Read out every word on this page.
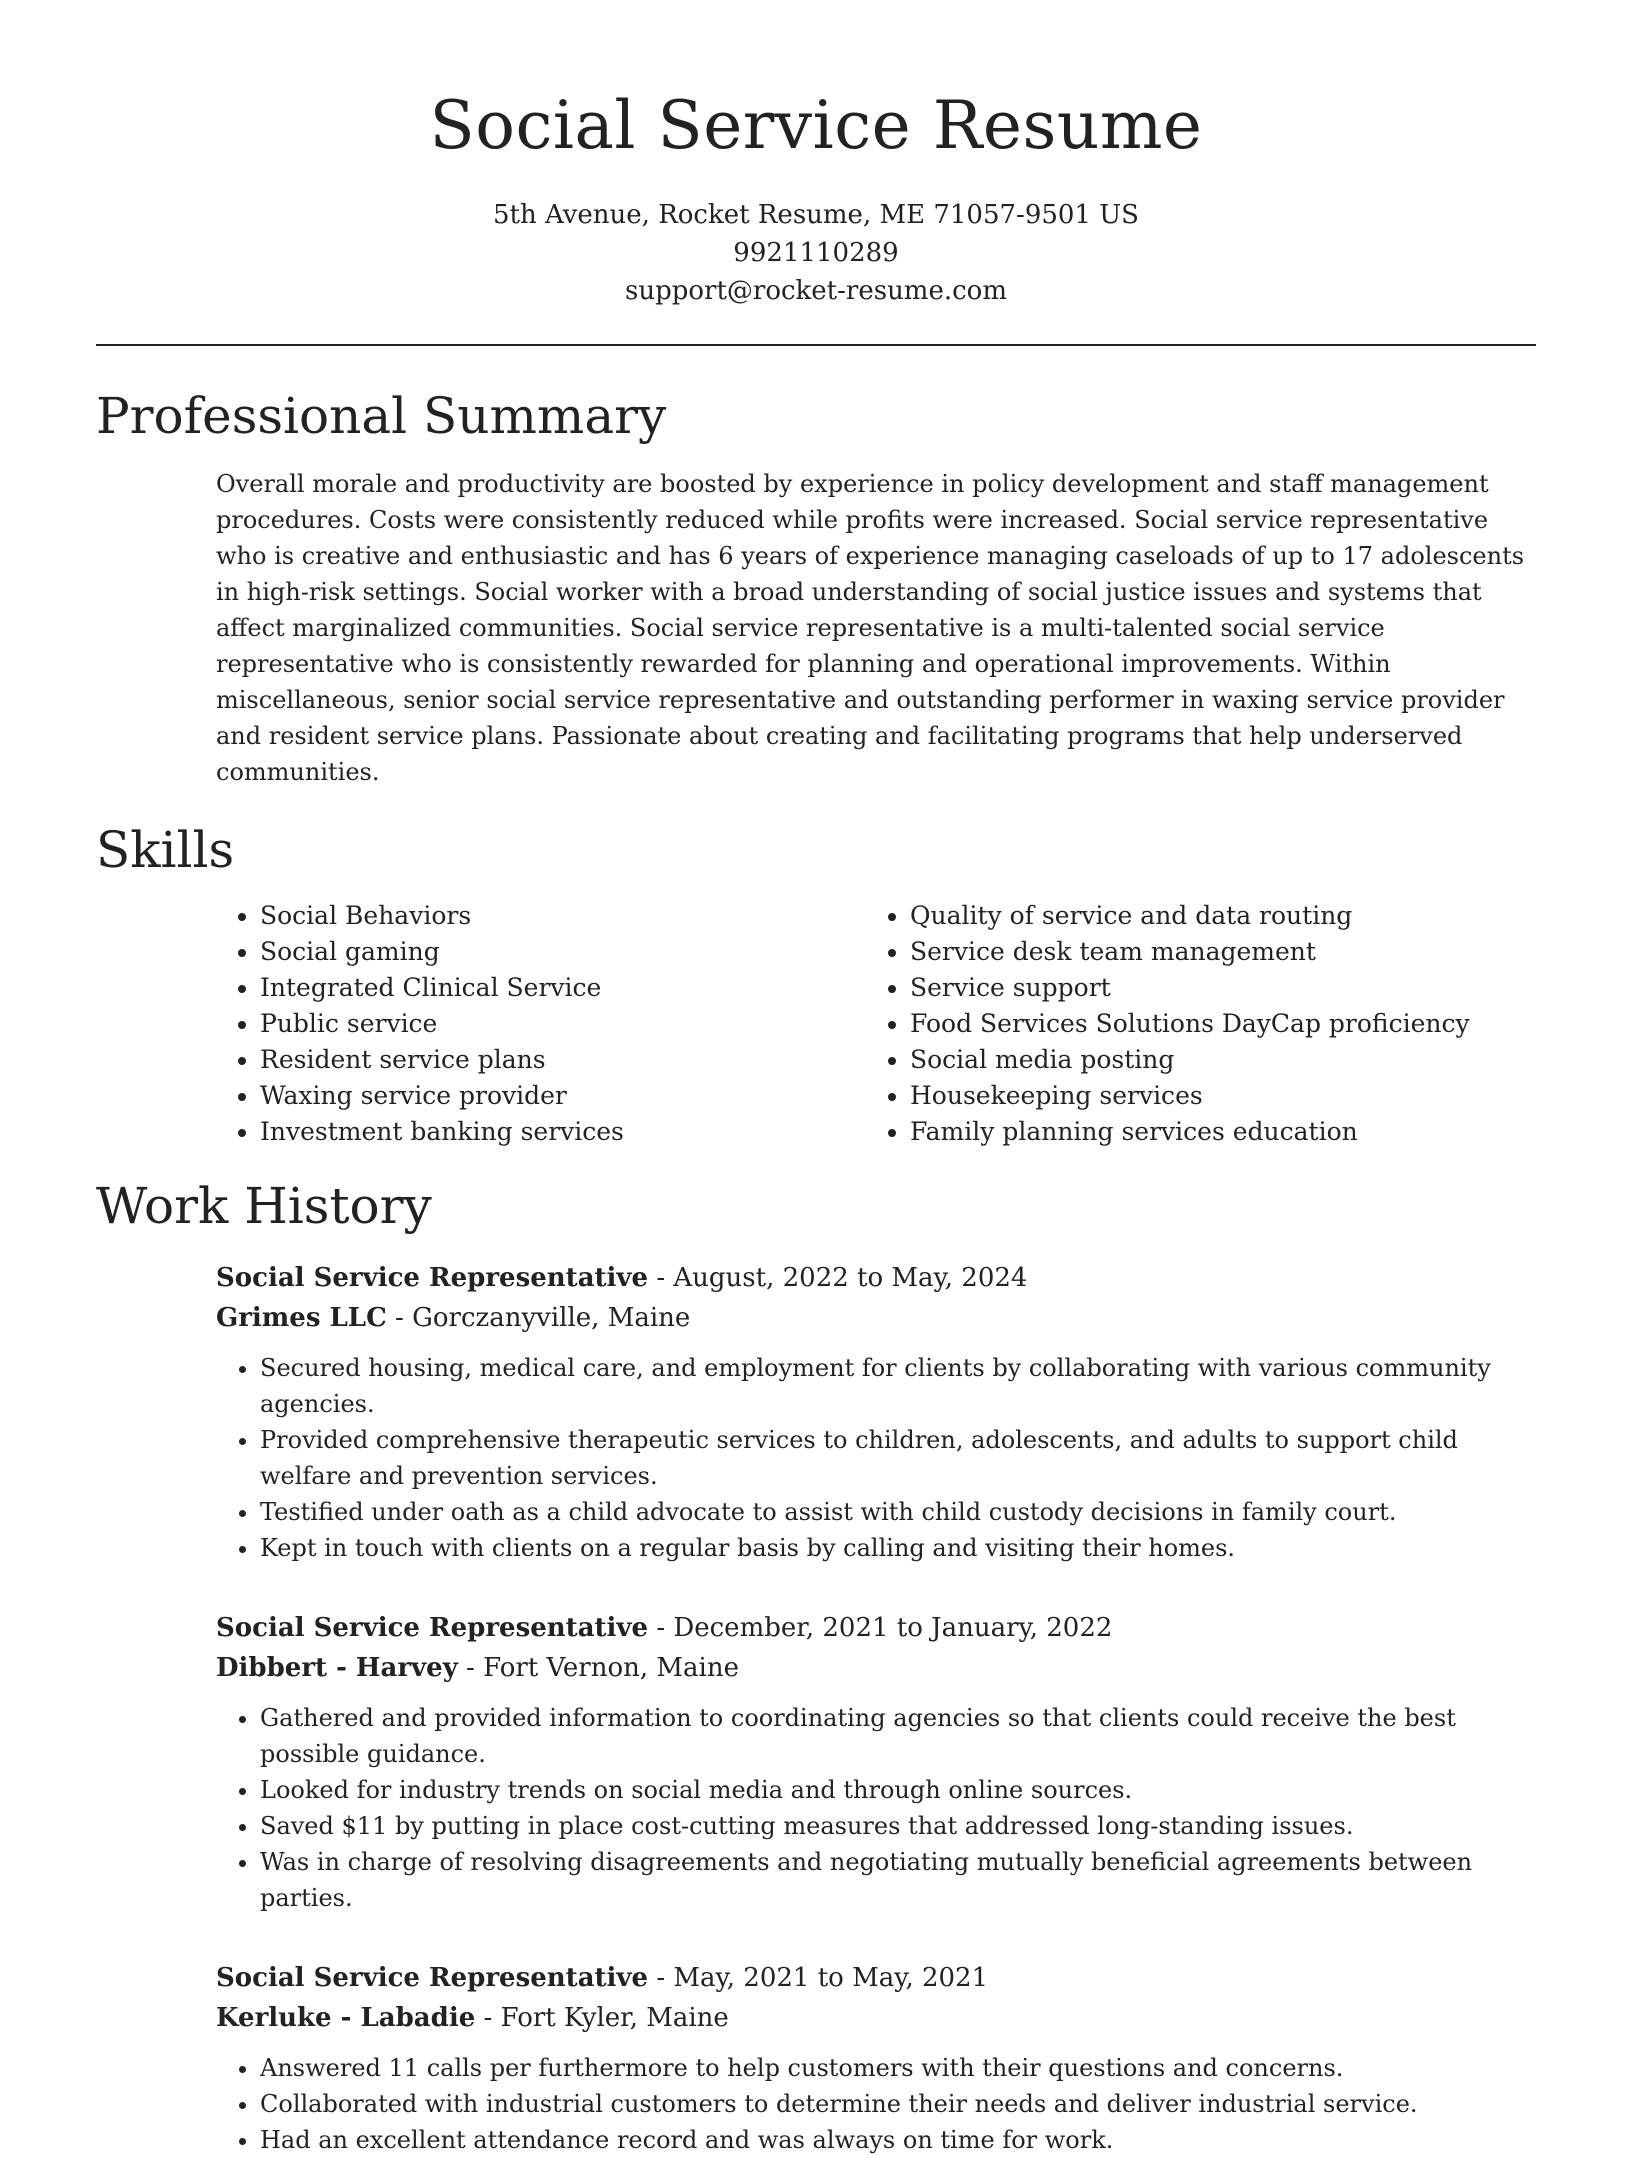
Social Service Resume
5th Avenue, Rocket Resume, ME 71057-9501 US
9921110289
support@rocket-resume.com
Professional Summary

Overall morale and productivity are boosted by experience in policy development and staff management procedures. Costs were consistently reduced while profits were increased. Social service representative who is creative and enthusiastic and has 6 years of experience managing caseloads of up to 17 adolescents in high-risk settings. Social worker with a broad understanding of social justice issues and systems that affect marginalized communities. Social service representative is a multi-talented social service representative who is consistently rewarded for planning and operational improvements. Within miscellaneous, senior social service representative and outstanding performer in waxing service provider and resident service plans. Passionate about creating and facilitating programs that help underserved communities.

Skills
• Social Behaviors
• Social gaming
• Integrated Clinical Service
• Public service
• Resident service plans
• Waxing service provider
• Investment banking services
• Quality of service and data routing
• Service desk team management
• Service support
• Food Services Solutions DayCap proficiency
• Social media posting
• Housekeeping services
• Family planning services education
Work History
Social Service Representative - August, 2022 to May, 2024
Grimes LLC - Gorczanyville, Maine
• Secured housing, medical care, and employment for clients by collaborating with various community agencies.
• Provided comprehensive therapeutic services to children, adolescents, and adults to support child welfare and prevention services.
• Testified under oath as a child advocate to assist with child custody decisions in family court.
• Kept in touch with clients on a regular basis by calling and visiting their homes.
Social Service Representative - December, 2021 to January, 2022
Dibbert - Harvey - Fort Vernon, Maine
• Gathered and provided information to coordinating agencies so that clients could receive the best possible guidance.
• Looked for industry trends on social media and through online sources.
• Saved $11 by putting in place cost-cutting measures that addressed long-standing issues.
• Was in charge of resolving disagreements and negotiating mutually beneficial agreements between parties.
Social Service Representative - May, 2021 to May, 2021
Kerluke - Labadie - Fort Kyler, Maine
• Answered 11 calls per furthermore to help customers with their questions and concerns.
• Collaborated with industrial customers to determine their needs and deliver industrial service.
• Had an excellent attendance record and was always on time for work.
